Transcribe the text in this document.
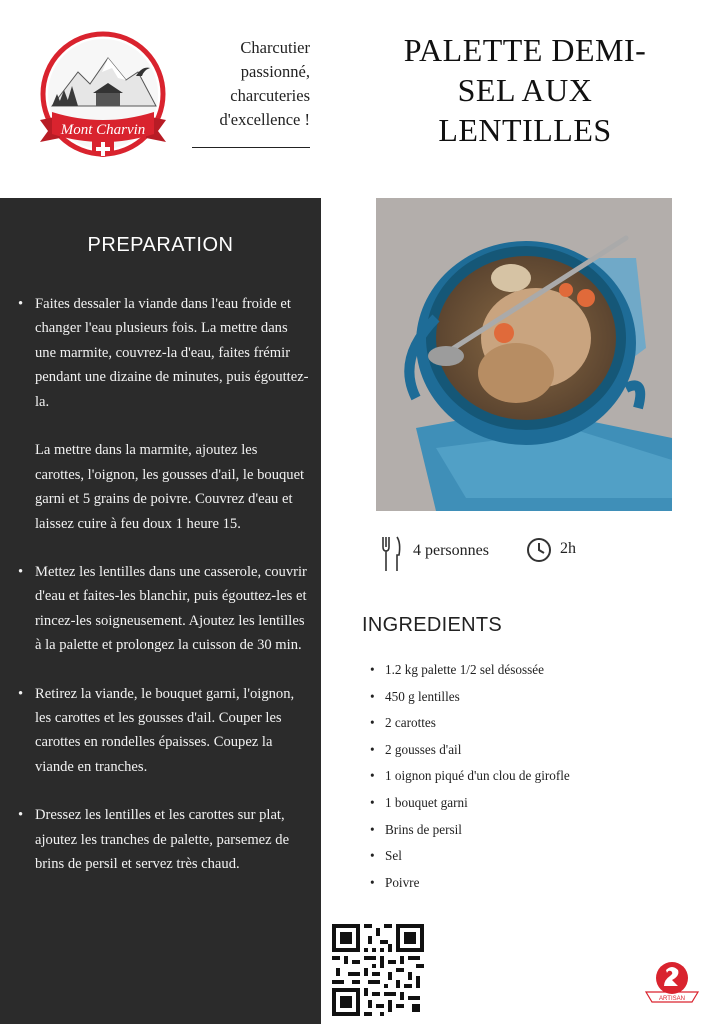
Mont Charvin
Charcutier
passionné,
charcuteries
d'excellence !
PALETTE DEMI-
SEL AUX
LENTILLES
PREPARATION

• Faites dessaler la viande dans l'eau froide et changer l'eau plusieurs fois. La mettre dans une marmite, couvrez-la d'eau, faites frémir pendant une dizaine de minutes, puis égouttez-la.

La mettre dans la marmite, ajoutez les carottes, l'oignon, les gousses d'ail, le bouquet garni et 5 grains de poivre. Couvrez d'eau et laissez cuire à feu doux 1 heure 15.

• Mettez les lentilles dans une casserole, couvrir d'eau et faites-les blanchir, puis égouttez-les et rincez-les soigneusement. Ajoutez les lentilles à la palette et prolongez la cuisson de 30 min.

• Retirez la viande, le bouquet garni, l'oignon, les carottes et les gousses d'ail. Couper les carottes en rondelles épaisses. Coupez la viande en tranches.

• Dressez les lentilles et les carottes sur plat, ajoutez les tranches de palette, parsemez de brins de persil et servez très chaud.

4 personnes	2h
INGREDIENTS
• 1.2 kg palette 1/2 sel désossée
• 450 g lentilles
• 2 carottes
• 2 gousses d'ail
• 1 oignon piqué d'un clou de girofle
• 1 bouquet garni
• Brins de persil
• Sel
• Poivre
ARTISAN
